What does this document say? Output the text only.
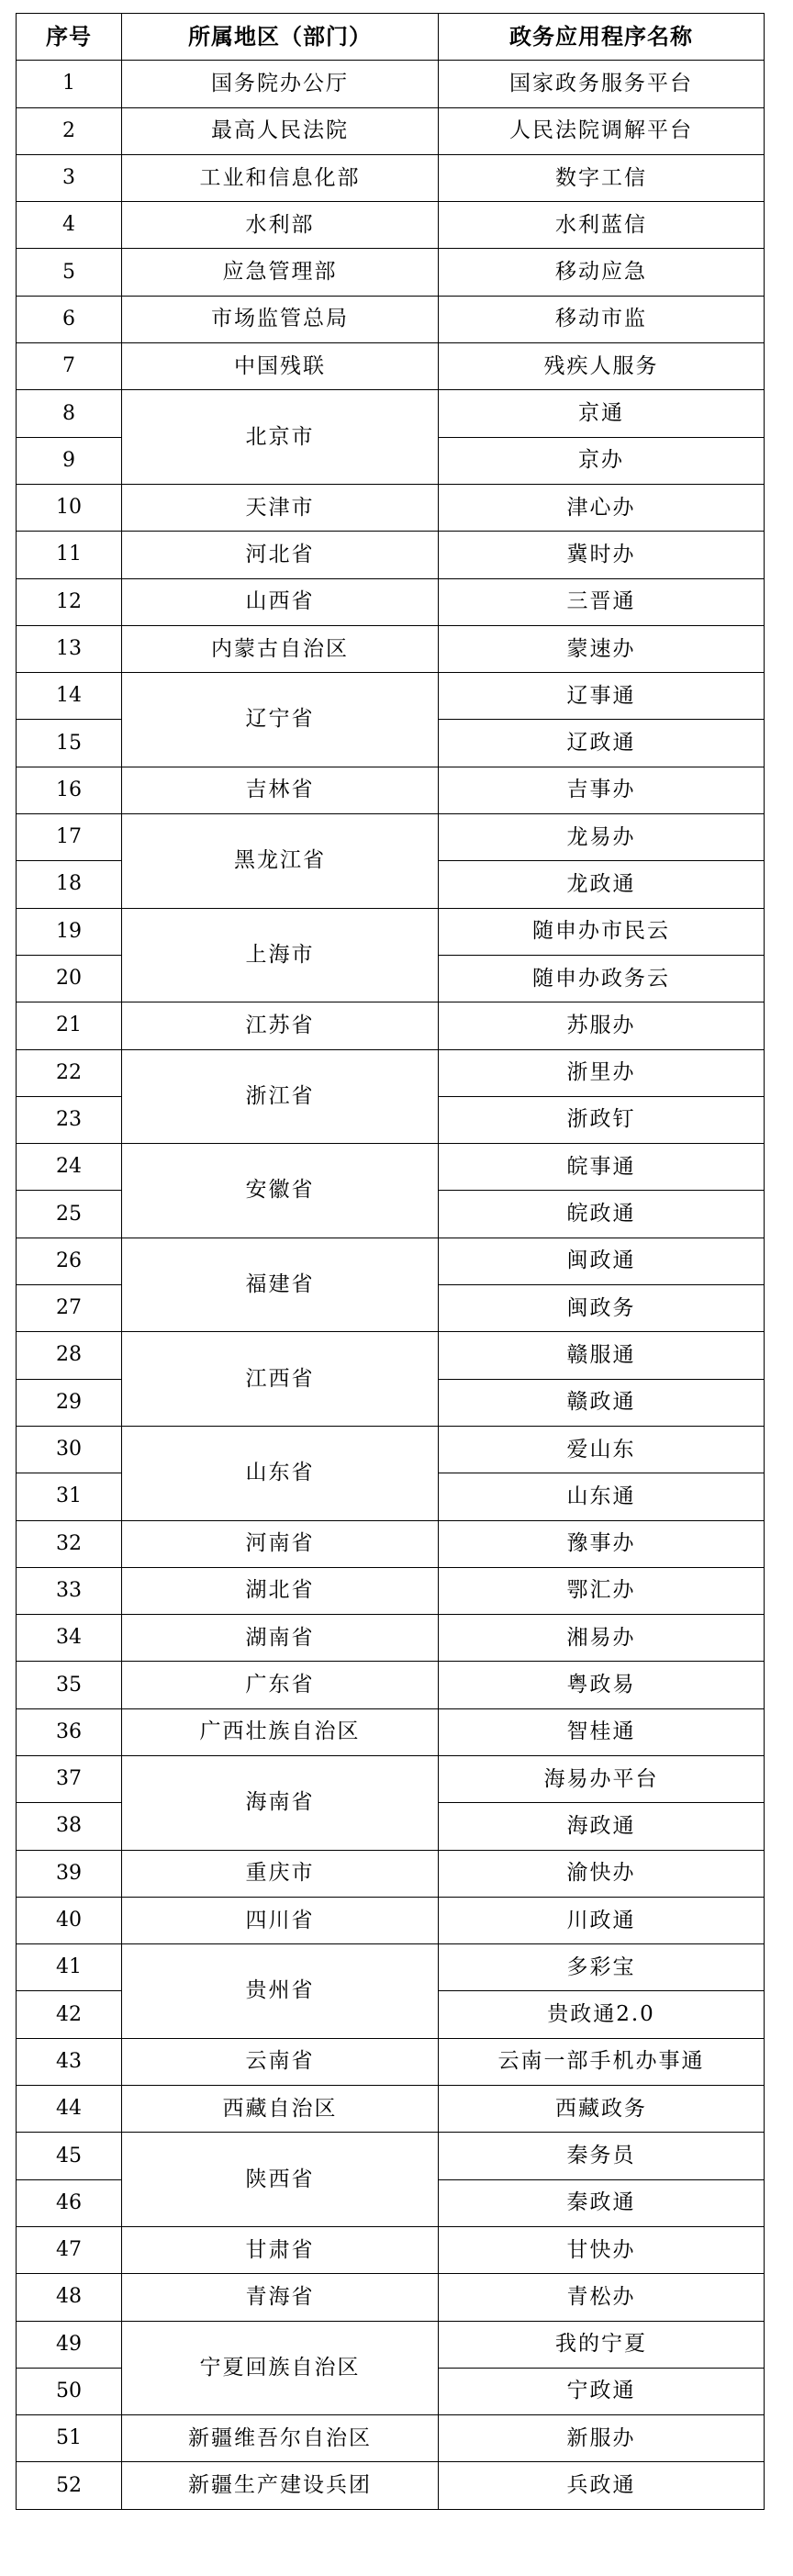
序号	所属地区（部门）	政务应用程序名称
1	国务院办公厅	国家政务服务平台
2	最高人民法院	人民法院调解平台
3	工业和信息化部	数字工信
4	水利部	水利蓝信
5	应急管理部	移动应急
6	市场监管总局	移动市监
7	中国残联	残疾人服务
8	北京市	京通
9		京办
10	天津市	津心办
11	河北省	冀时办
12	山西省	三晋通
13	内蒙古自治区	蒙速办
14	辽宁省	辽事通
15		辽政通
16	吉林省	吉事办
17	黑龙江省	龙易办
18		龙政通
19	上海市	随申办市民云
20		随申办政务云
21	江苏省	苏服办
22	浙江省	浙里办
23		浙政钉
24	安徽省	皖事通
25		皖政通
26	福建省	闽政通
27		闽政务
28	江西省	赣服通
29		赣政通
30	山东省	爱山东
31		山东通
32	河南省	豫事办
33	湖北省	鄂汇办
34	湖南省	湘易办
35	广东省	粤政易
36	广西壮族自治区	智桂通
37	海南省	海易办平台
38		海政通
39	重庆市	渝快办
40	四川省	川政通
41	贵州省	多彩宝
42		贵政通2.0
43	云南省	云南一部手机办事通
44	西藏自治区	西藏政务
45	陕西省	秦务员
46		秦政通
47	甘肃省	甘快办
48	青海省	青松办
49	宁夏回族自治区	我的宁夏
50		宁政通
51	新疆维吾尔自治区	新服办
52	新疆生产建设兵团	兵政通
